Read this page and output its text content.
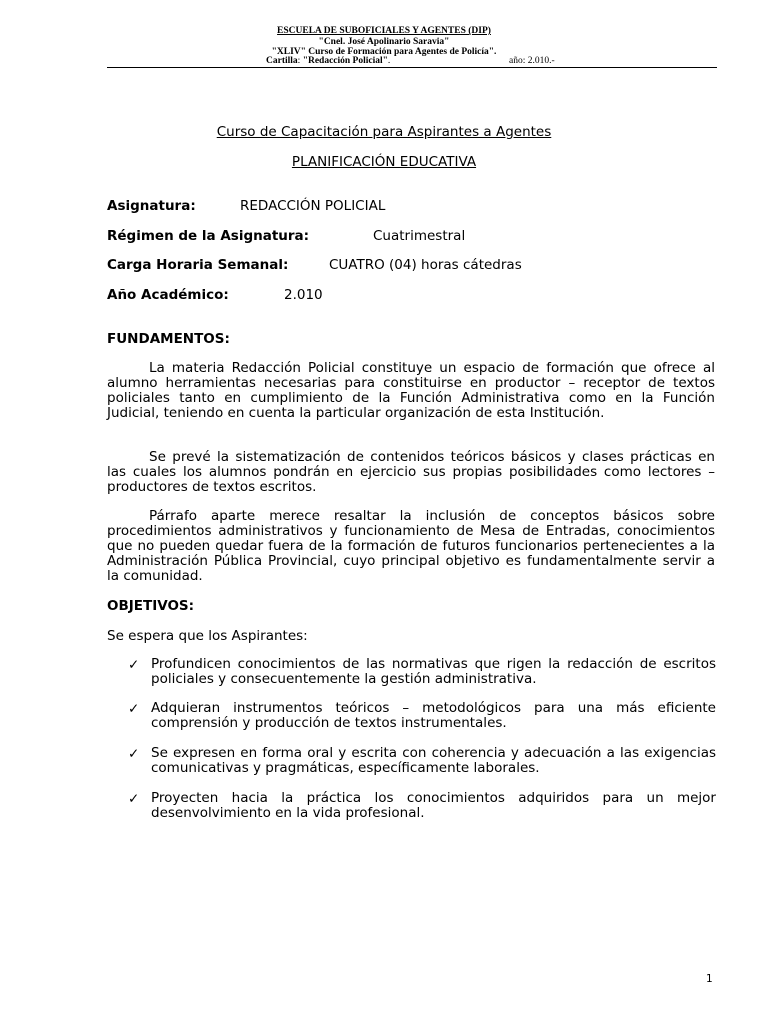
ESCUELA DE SUBOFICIALES Y AGENTES (DIP)
"Cnel. José Apolinario Saravia"
"XLIV" Curso de Formación para Agentes de Policía".
Cartilla: "Redacción Policial".	año: 2.010.-
Curso de Capacitación para Aspirantes a Agentes
PLANIFICACIÓN EDUCATIVA
Asignatura:	REDACCIÓN POLICIAL
Régimen de la Asignatura:	Cuatrimestral
Carga Horaria Semanal:	CUATRO (04) horas cátedras
Año Académico:	2.010
FUNDAMENTOS:

La materia Redacción Policial constituye un espacio de formación que ofrece al alumno herramientas necesarias para constituirse en productor – receptor de textos policiales tanto en cumplimiento de la Función Administrativa como en la Función Judicial, teniendo en cuenta la particular organización de esta Institución.

Se prevé la sistematización de contenidos teóricos básicos y clases prácticas en las cuales los alumnos pondrán en ejercicio sus propias posibilidades como lectores – productores de textos escritos.

Párrafo aparte merece resaltar la inclusión de conceptos básicos sobre procedimientos administrativos y funcionamiento de Mesa de Entradas, conocimientos que no pueden quedar fuera de la formación de futuros funcionarios pertenecientes a la Administración Pública Provincial, cuyo principal objetivo es fundamentalmente servir a la comunidad.

OBJETIVOS:
Se espera que los Aspirantes:
✓ Profundicen conocimientos de las normativas que rigen la redacción de escritos policiales y consecuentemente la gestión administrativa.
✓ Adquieran instrumentos teóricos – metodológicos para una más eficiente comprensión y producción de textos instrumentales.
✓ Se expresen en forma oral y escrita con coherencia y adecuación a las exigencias comunicativas y pragmáticas, específicamente laborales.
✓ Proyecten hacia la práctica los conocimientos adquiridos para un mejor desenvolvimiento en la vida profesional.
1
